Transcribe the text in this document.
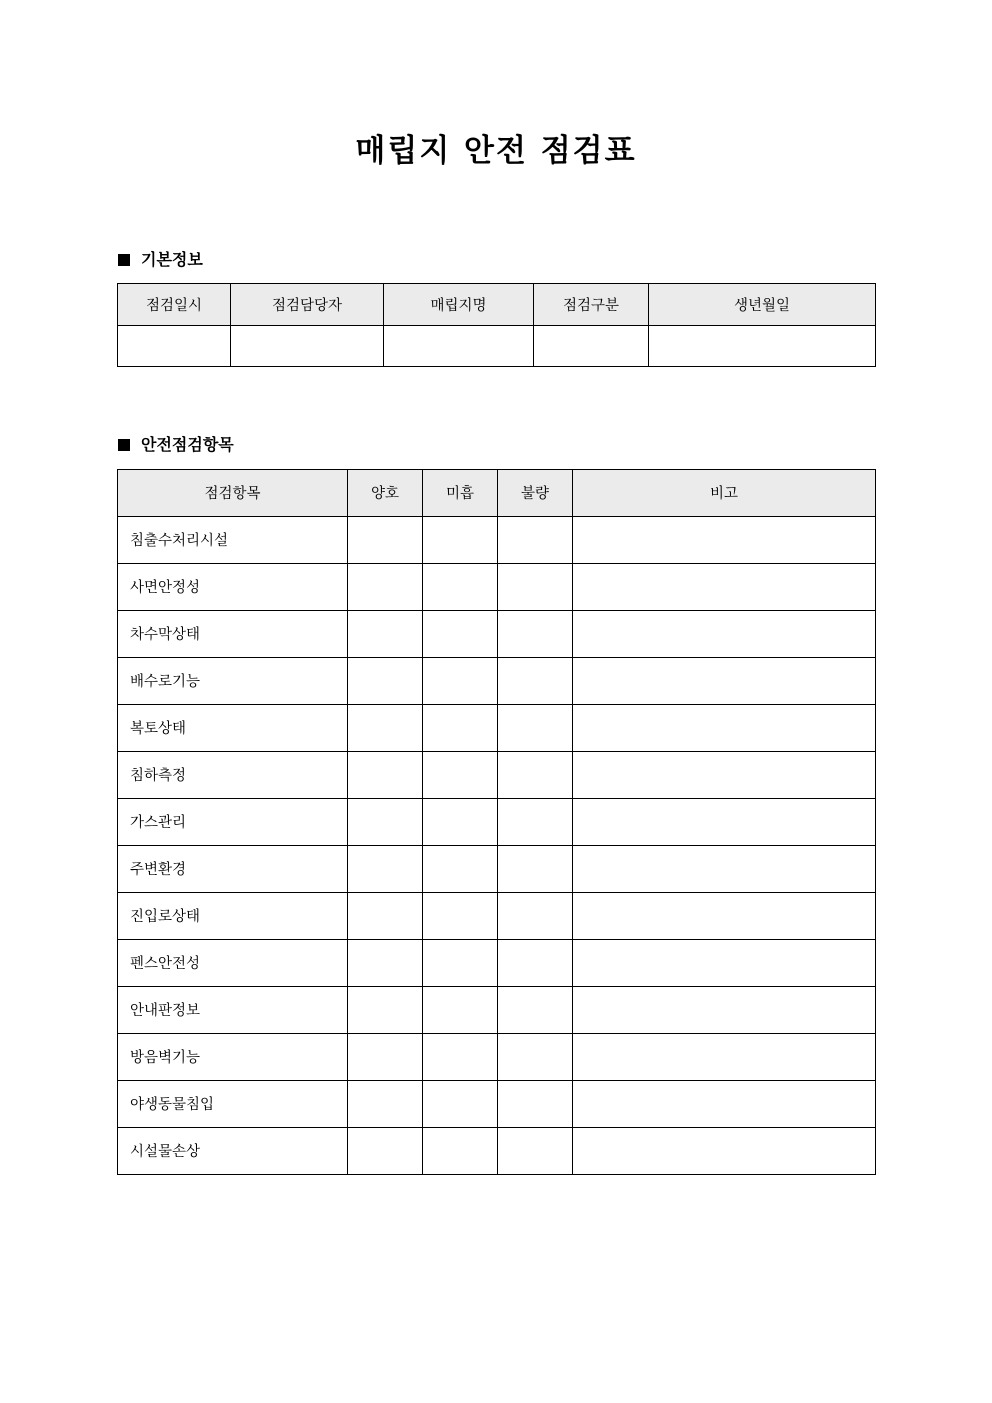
매립지 안전 점검표
기본정보
점검일시	점검담당자	매립지명	점검구분	생년월일

안전점검항목
점검항목	양호	미흡	불량	비고
침출수처리시설				
사면안정성				
차수막상태				
배수로기능				
복토상태				
침하측정				
가스관리				
주변환경				
진입로상태				
펜스안전성				
안내판정보				
방음벽기능				
야생동물침입				
시설물손상				
